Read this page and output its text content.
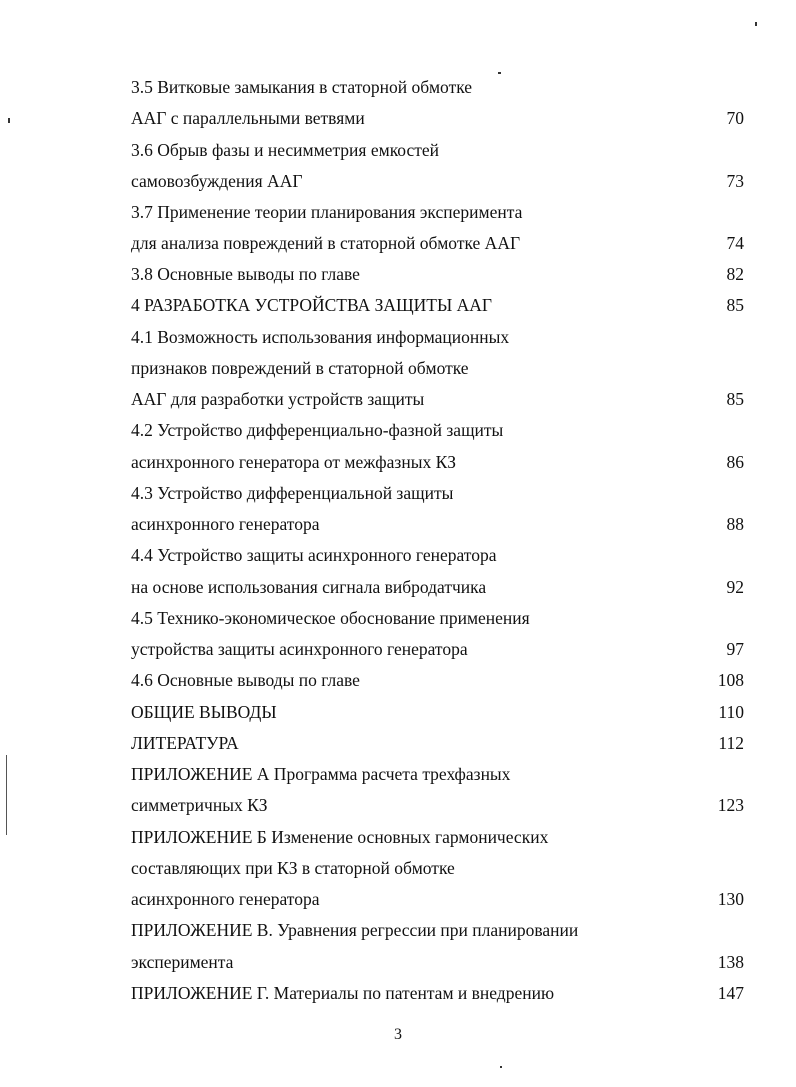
3.5 Витковые замыкания в статорной обмотке
ААГ с параллельными ветвями	70
3.6 Обрыв фазы и несимметрия емкостей
самовозбуждения ААГ	73
3.7 Применение теории планирования эксперимента
для анализа повреждений в статорной обмотке ААГ	74
3.8 Основные выводы по главе	82
4 РАЗРАБОТКА УСТРОЙСТВА ЗАЩИТЫ ААГ	85
4.1 Возможность использования информационных
признаков повреждений в статорной обмотке
ААГ для разработки устройств защиты	85
4.2 Устройство дифференциально-фазной защиты
асинхронного генератора от межфазных КЗ	86
4.3 Устройство дифференциальной защиты
асинхронного генератора	88
4.4 Устройство защиты асинхронного генератора
на основе использования сигнала вибродатчика	92
4.5 Технико-экономическое обоснование применения
устройства защиты асинхронного генератора	97
4.6 Основные выводы по главе	108
ОБЩИЕ ВЫВОДЫ	110
ЛИТЕРАТУРА	112
ПРИЛОЖЕНИЕ А Программа расчета трехфазных
симметричных КЗ	123
ПРИЛОЖЕНИЕ Б Изменение основных гармонических
составляющих при КЗ в статорной обмотке
асинхронного генератора	130
ПРИЛОЖЕНИЕ В. Уравнения регрессии при планировании
эксперимента	138
ПРИЛОЖЕНИЕ Г. Материалы по патентам и внедрению	147
3
